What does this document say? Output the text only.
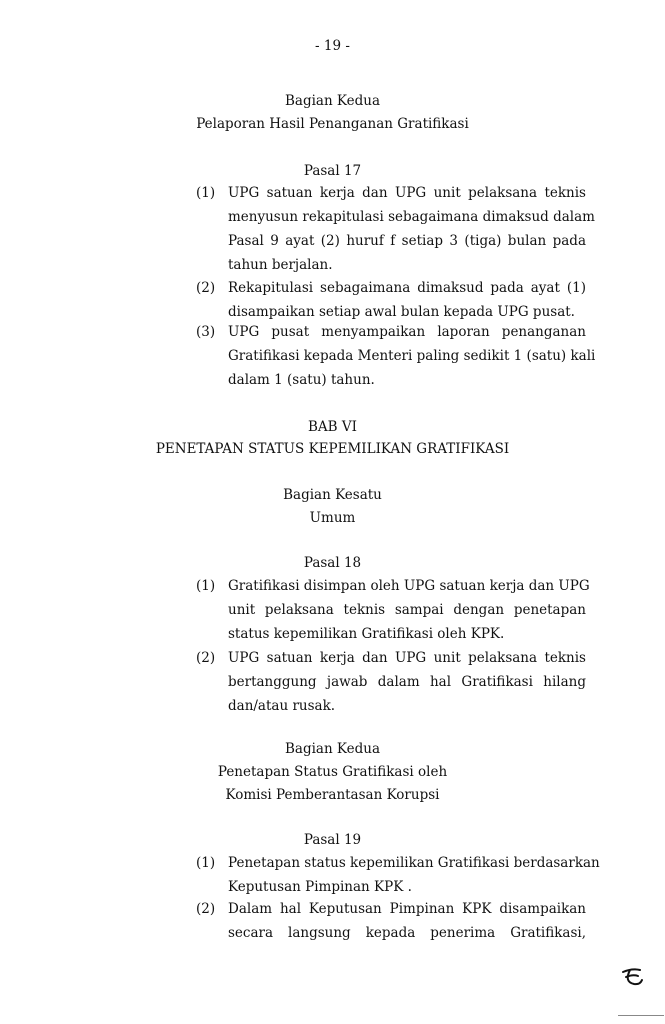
- 19 -
Bagian Kedua
Pelaporan Hasil Penanganan Gratifikasi
Pasal 17
(1) UPG satuan kerja dan UPG unit pelaksana teknis
menyusun rekapitulasi sebagaimana dimaksud dalam
Pasal 9 ayat (2) huruf f setiap 3 (tiga) bulan pada
tahun berjalan.
(2) Rekapitulasi sebagaimana dimaksud pada ayat (1)
disampaikan setiap awal bulan kepada UPG pusat.
(3) UPG pusat menyampaikan laporan penanganan
Gratifikasi kepada Menteri paling sedikit 1 (satu) kali
dalam 1 (satu) tahun.
BAB VI
PENETAPAN STATUS KEPEMILIKAN GRATIFIKASI
Bagian Kesatu
Umum
Pasal 18
(1) Gratifikasi disimpan oleh UPG satuan kerja dan UPG
unit pelaksana teknis sampai dengan penetapan
status kepemilikan Gratifikasi oleh KPK.
(2) UPG satuan kerja dan UPG unit pelaksana teknis
bertanggung jawab dalam hal Gratifikasi hilang
dan/atau rusak.
Bagian Kedua
Penetapan Status Gratifikasi oleh
Komisi Pemberantasan Korupsi
Pasal 19
(1) Penetapan status kepemilikan Gratifikasi berdasarkan
Keputusan Pimpinan KPK .
(2) Dalam hal Keputusan Pimpinan KPK disampaikan
secara langsung kepada penerima Gratifikasi,
